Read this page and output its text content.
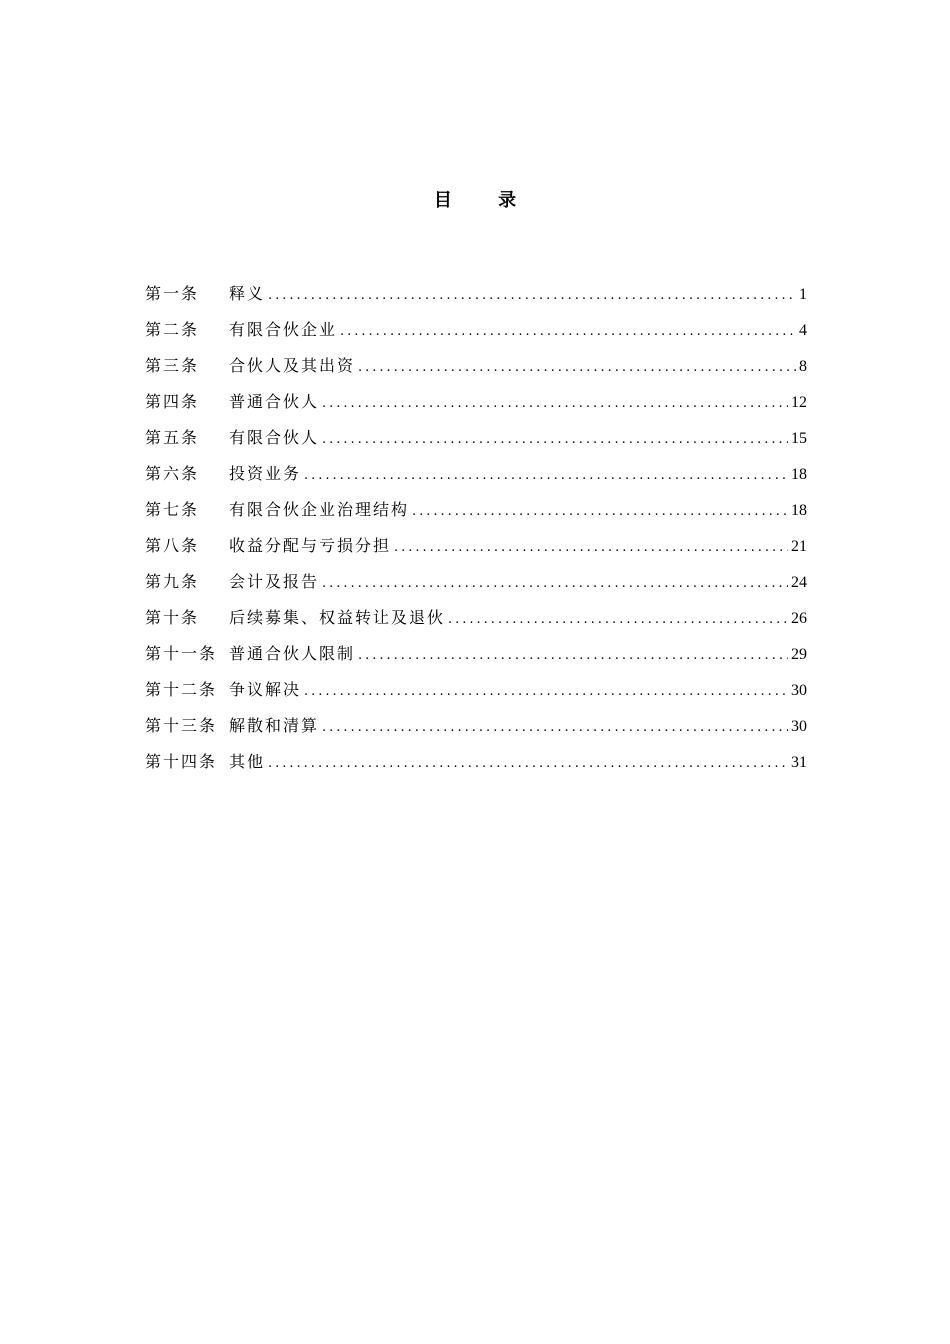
目 录
第一条	释义 .....	1
第二条	有限合伙企业 .....	4
第三条	合伙人及其出资 .....	8
第四条	普通合伙人 .....	12
第五条	有限合伙人 .....	15
第六条	投资业务 .....	18
第七条	有限合伙企业治理结构 .....	18
第八条	收益分配与亏损分担 .....	21
第九条	会计及报告 .....	24
第十条	后续募集、权益转让及退伙 .....	26
第十一条 普通合伙人限制 .....	29
第十二条 争议解决 .....	30
第十三条 解散和清算 .....	30
第十四条 其他 .....	31
